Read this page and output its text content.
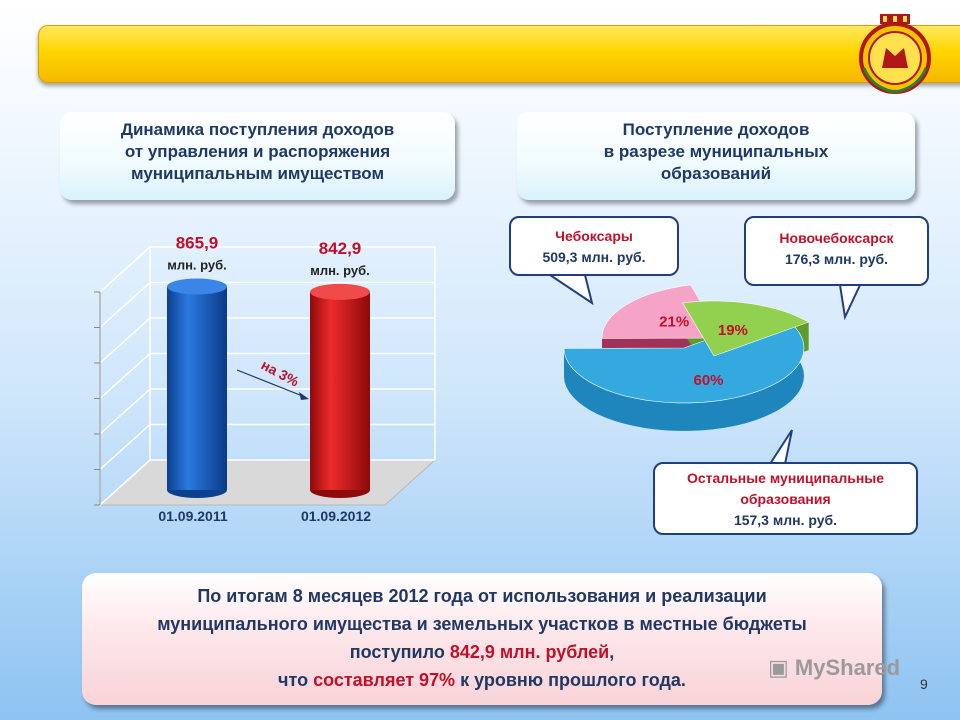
Динамика поступления доходов
от управления и распоряжения
муниципальным имуществом
Поступление доходов
в разрезе муниципальных
образований
865,9
млн. руб.
842,9
млн. руб.
01.09.2011	01.09.2012
на 3%	60%
21% 19%
Чебоксары
509,3 млн. руб.
Новочебоксарск
176,3 млн. руб.
Остальные муниципальные
образования
157,3 млн. руб.
По итогам 8 месяцев 2012 года от использования и реализации
муниципального имущества и земельных участков в местные бюджеты
поступило 842,9 млн. рублей,
что составляет 97% к уровню прошлого года.	▣ MyShared
9
